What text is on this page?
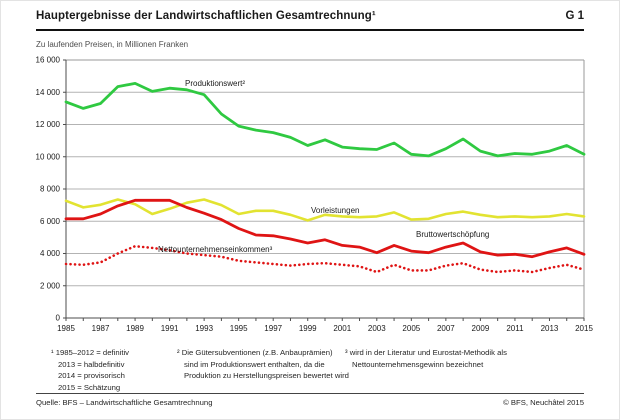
Hauptergebnisse der Landwirtschaftlichen Gesamtrechnung¹	G 1
Zu laufenden Preisen, in Millionen Franken
0
2 000
4 000
6 000
8 000
10 000
12 000
14 000
16 000
1985 1987 1989 1991 1993 1995 1997 1999 2001 2003 2005 2007 2009 2011 2013 2015
Produktionswert²
Vorleistungen
Bruttowertschöpfung
Nettounternehmenseinkommen³
¹ 1985–2012 = definitiv
2013 = halbdefinitiv
2014 = provisorisch
2015 = Schätzung
² Die Gütersubventionen (z.B. Anbauprämien)
sind im Produktionswert enthalten, da die
Produktion zu Herstellungspreisen bewertet wird
³ wird in der Literatur und Eurostat-Methodik als
Nettounternehmensgewinn bezeichnet
Quelle: BFS – Landwirtschaftliche Gesamtrechnung	© BFS, Neuchâtel 2015
